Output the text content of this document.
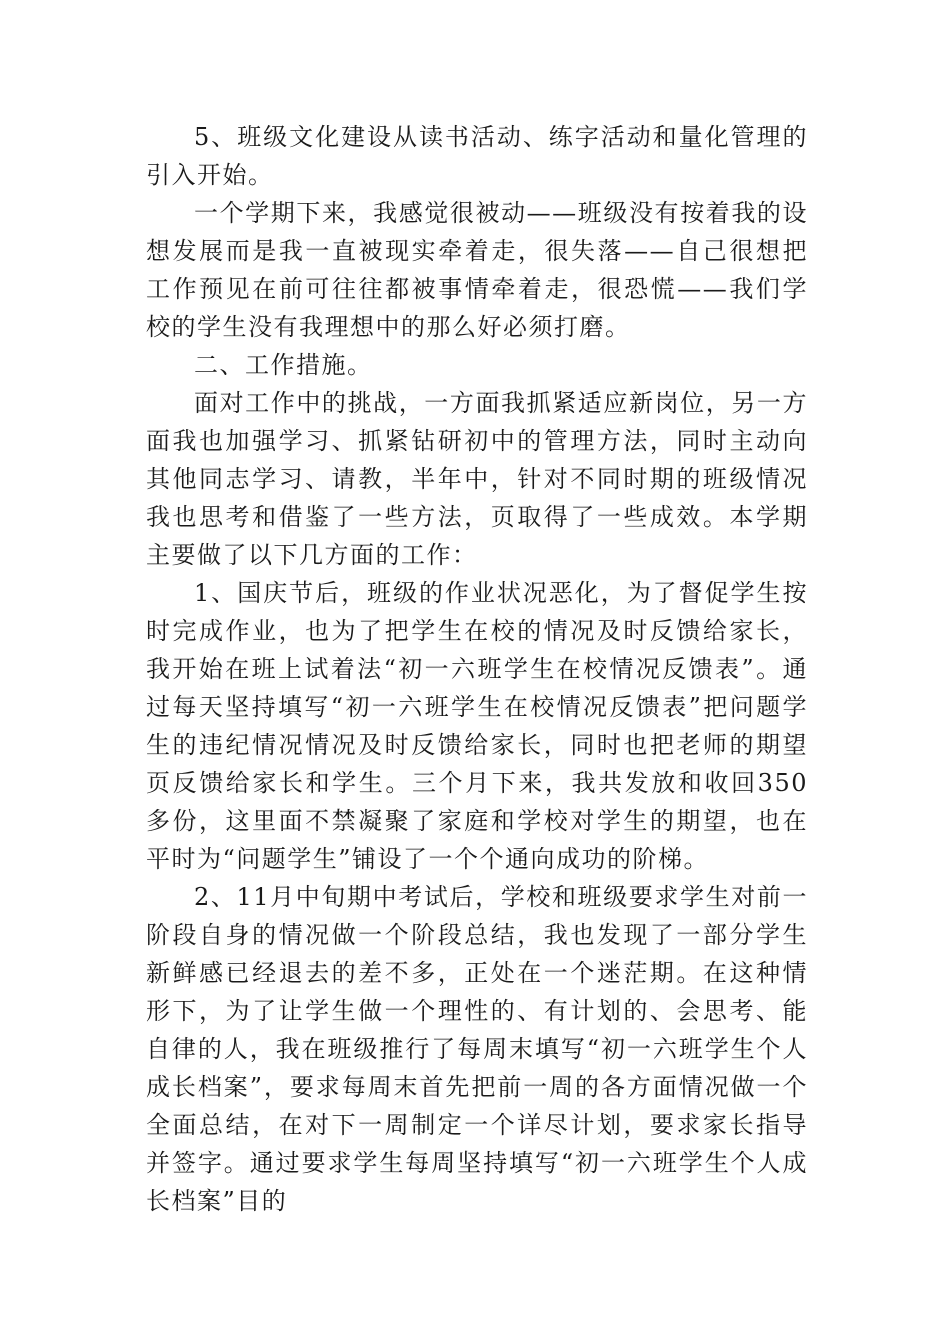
5、班级文化建设从读书活动、练字活动和量化管理的引入开始。

一个学期下来，我感觉很被动——班级没有按着我的设想发展而是我一直被现实牵着走，很失落——自己很想把工作预见在前可往往都被事情牵着走，很恐慌——我们学校的学生没有我理想中的那么好必须打磨。

二、工作措施。

面对工作中的挑战，一方面我抓紧适应新岗位，另一方面我也加强学习、抓紧钻研初中的管理方法，同时主动向其他同志学习、请教，半年中，针对不同时期的班级情况我也思考和借鉴了一些方法，页取得了一些成效。本学期主要做了以下几方面的工作：

1、国庆节后，班级的作业状况恶化，为了督促学生按时完成作业，也为了把学生在校的情况及时反馈给家长，我开始在班上试着法“初一六班学生在校情况反馈表”。通过每天坚持填写“初一六班学生在校情况反馈表”把问题学生的违纪情况情况及时反馈给家长，同时也把老师的期望页反馈给家长和学生。三个月下来，我共发放和收回350多份，这里面不禁凝聚了家庭和学校对学生的期望，也在平时为“问题学生”铺设了一个个通向成功的阶梯。

2、11月中旬期中考试后，学校和班级要求学生对前一阶段自身的情况做一个阶段总结，我也发现了一部分学生新鲜感已经退去的差不多，正处在一个迷茫期。在这种情形下，为了让学生做一个理性的、有计划的、会思考、能自律的人，我在班级推行了每周末填写“初一六班学生个人成长档案”，要求每周末首先把前一周的各方面情况做一个全面总结，在对下一周制定一个详尽计划，要求家长指导并签字。通过要求学生每周坚持填写“初一六班学生个人成长档案”目的
